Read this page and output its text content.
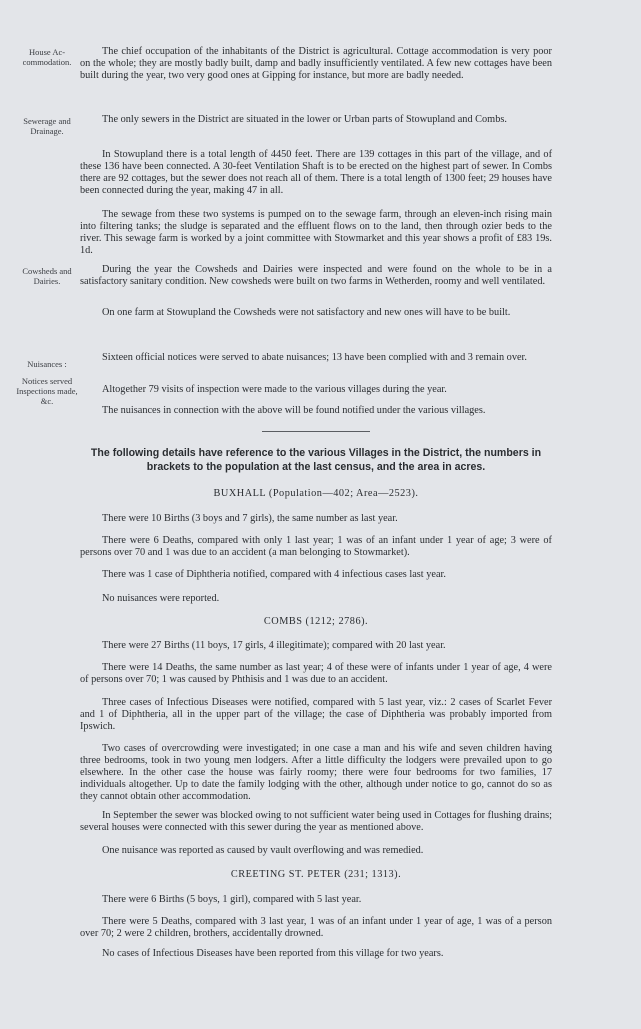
House Ac-commodation.
Sewerage and Drainage.
Cowsheds and Dairies.
Nuisances :
Notices served Inspections made, &c.

The chief occupation of the inhabitants of the District is agricultural. Cottage accommodation is very poor on the whole; they are mostly badly built, damp and badly insufficiently ventilated. A few new cottages have been built during the year, two very good ones at Gipping for instance, but more are badly needed.

The only sewers in the District are situated in the lower or Urban parts of Stowupland and Combs.

In Stowupland there is a total length of 4450 feet. There are 139 cottages in this part of the village, and of these 136 have been connected. A 30-feet Ventilation Shaft is to be erected on the highest part of sewer. In Combs there are 92 cottages, but the sewer does not reach all of them. There is a total length of 1300 feet; 29 houses have been connected during the year, making 47 in all.

The sewage from these two systems is pumped on to the sewage farm, through an eleven-inch rising main into filtering tanks; the sludge is separated and the effluent flows on to the land, then through ozier beds to the river. This sewage farm is worked by a joint committee with Stowmarket and this year shows a profit of £83 19s. 1d.

During the year the Cowsheds and Dairies were inspected and were found on the whole to be in a satisfactory sanitary condition. New cowsheds were built on two farms in Wetherden, roomy and well ventilated.

On one farm at Stowupland the Cowsheds were not satisfactory and new ones will have to be built.

Sixteen official notices were served to abate nuisances; 13 have been complied with and 3 remain over.

Altogether 79 visits of inspection were made to the various villages during the year.

The nuisances in connection with the above will be found notified under the various villages.

The following details have reference to the various Villages in the District, the numbers in brackets to the population at the last census, and the area in acres.
BUXHALL (Population—402; Area—2523).

There were 10 Births (3 boys and 7 girls), the same number as last year.

There were 6 Deaths, compared with only 1 last year; 1 was of an infant under 1 year of age; 3 were of persons over 70 and 1 was due to an accident (a man belonging to Stowmarket).

There was 1 case of Diphtheria notified, compared with 4 infectious cases last year.

No nuisances were reported.

COMBS (1212; 2786).

There were 27 Births (11 boys, 17 girls, 4 illegitimate); compared with 20 last year.

There were 14 Deaths, the same number as last year; 4 of these were of infants under 1 year of age, 4 were of persons over 70; 1 was caused by Phthisis and 1 was due to an accident.

Three cases of Infectious Diseases were notified, compared with 5 last year, viz.: 2 cases of Scarlet Fever and 1 of Diphtheria, all in the upper part of the village; the case of Diphtheria was probably imported from Ipswich.

Two cases of overcrowding were investigated; in one case a man and his wife and seven children having three bedrooms, took in two young men lodgers. After a little difficulty the lodgers were prevailed upon to go elsewhere. In the other case the house was fairly roomy; there were four bedrooms for two families, 17 individuals altogether. Up to date the family lodging with the other, although under notice to go, cannot do so as they cannot obtain other accommodation.

In September the sewer was blocked owing to not sufficient water being used in Cottages for flushing drains; several houses were connected with this sewer during the year as mentioned above.

One nuisance was reported as caused by vault overflowing and was remedied.

CREETING ST. PETER (231; 1313).

There were 6 Births (5 boys, 1 girl), compared with 5 last year.

There were 5 Deaths, compared with 3 last year, 1 was of an infant under 1 year of age, 1 was of a person over 70; 2 were 2 children, brothers, accidentally drowned.

No cases of Infectious Diseases have been reported from this village for two years.
